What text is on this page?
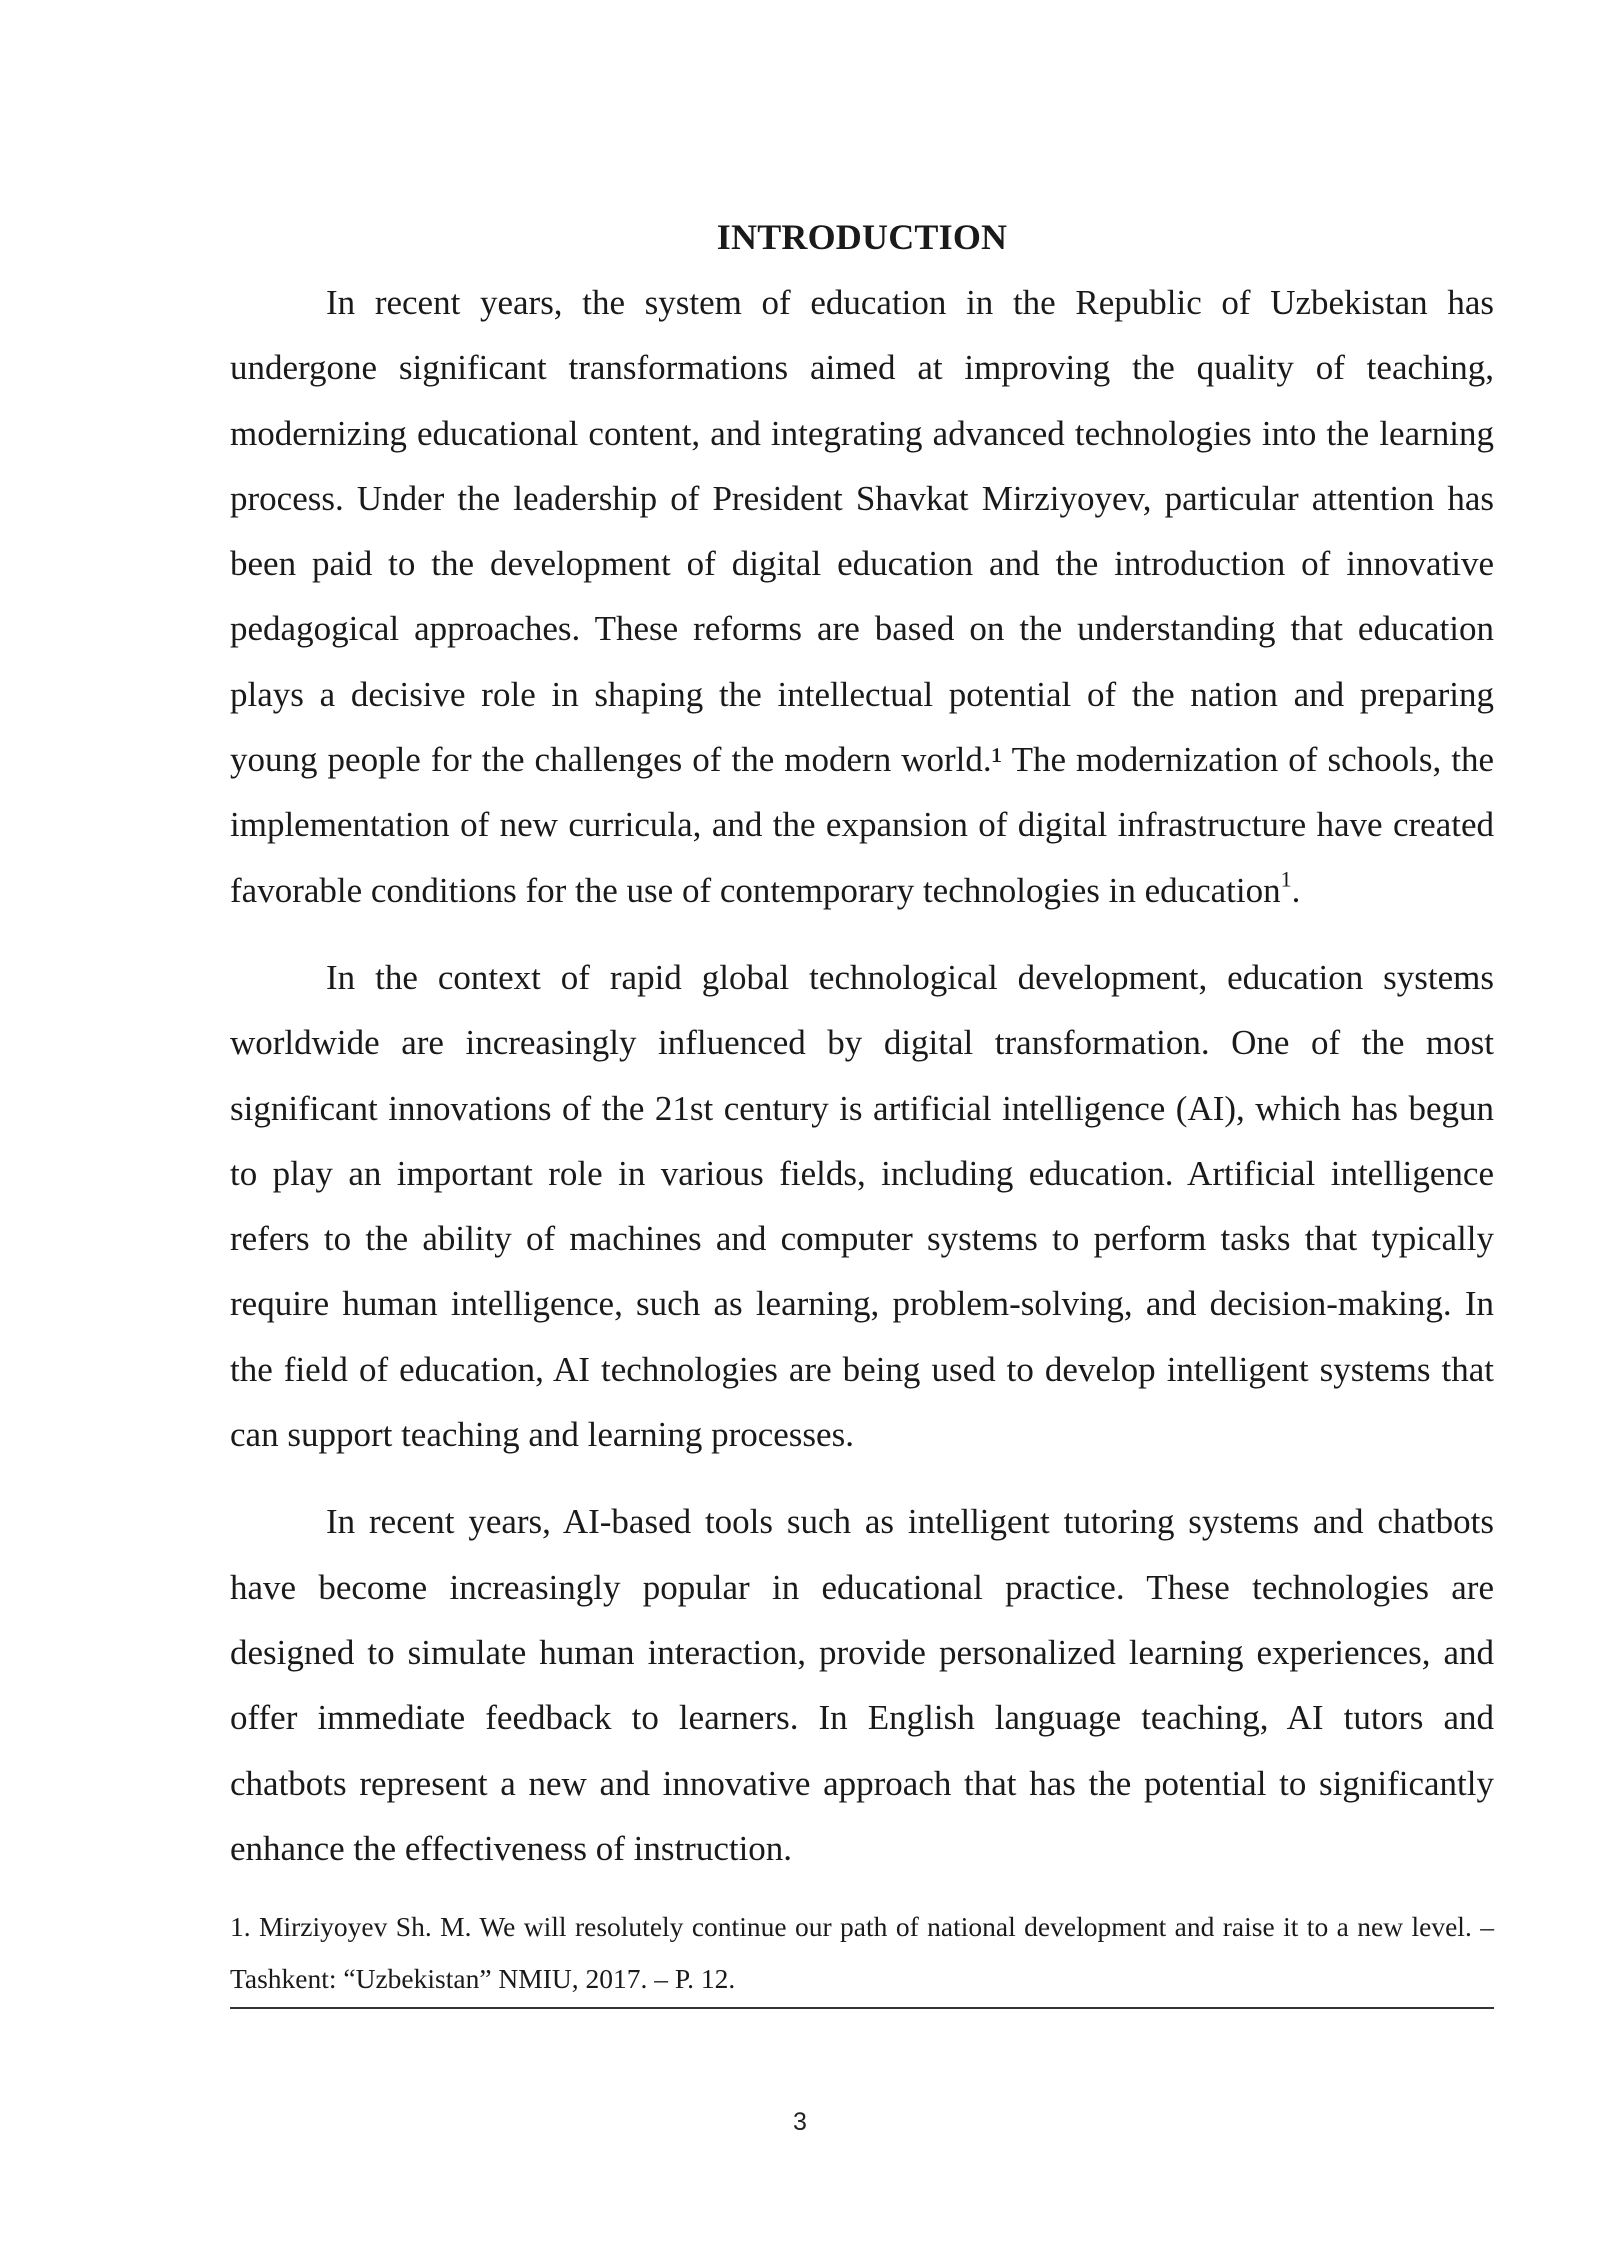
INTRODUCTION

In recent years, the system of education in the Republic of Uzbekistan has undergone significant transformations aimed at improving the quality of teaching, modernizing educational content, and integrating advanced technologies into the learning process. Under the leadership of President Shavkat Mirziyoyev, particular attention has been paid to the development of digital education and the introduction of innovative pedagogical approaches. These reforms are based on the understanding that education plays a decisive role in shaping the intellectual potential of the nation and preparing young people for the challenges of the modern world.¹ The modernization of schools, the implementation of new curricula, and the expansion of digital infrastructure have created favorable conditions for the use of contemporary technologies in education$^1$.

In the context of rapid global technological development, education systems worldwide are increasingly influenced by digital transformation. One of the most significant innovations of the 21st century is artificial intelligence (AI), which has begun to play an important role in various fields, including education. Artificial intelligence refers to the ability of machines and computer systems to perform tasks that typically require human intelligence, such as learning, problem-solving, and decision-making. In the field of education, AI technologies are being used to develop intelligent systems that can support teaching and learning processes.

In recent years, AI-based tools such as intelligent tutoring systems and chatbots have become increasingly popular in educational practice. These technologies are designed to simulate human interaction, provide personalized learning experiences, and offer immediate feedback to learners. In English language teaching, AI tutors and chatbots represent a new and innovative approach that has the potential to significantly enhance the effectiveness of instruction.

1. Mirziyoyev Sh. M. We will resolutely continue our path of national development and raise it to a new level. – Tashkent: “Uzbekistan” NMIU, 2017. – P. 12.

3
